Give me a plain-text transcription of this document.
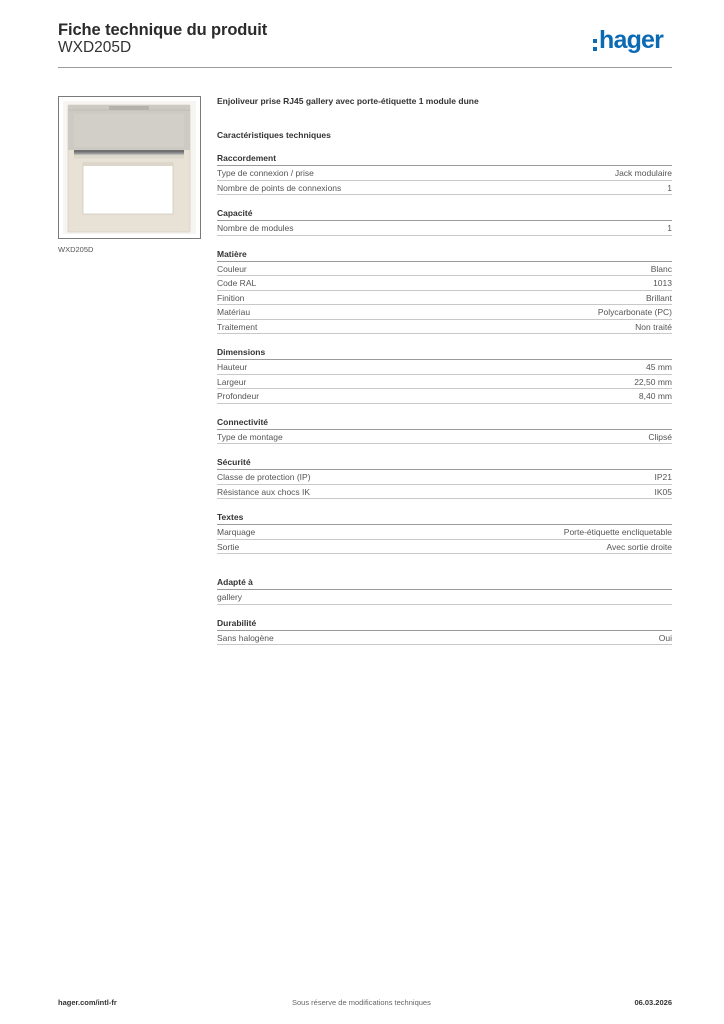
Fiche technique du produit
WXD205D	hager
WXD205D
Enjoliveur prise RJ45 gallery avec porte-étiquette 1 module dune
Caractéristiques techniques
Raccordement
Type de connexion / prise	Jack modulaire
Nombre de points de connexions	1
Capacité
Nombre de modules	1
Matière
Couleur	Blanc
Code RAL	1013
Finition	Brillant
Matériau	Polycarbonate (PC)
Traitement	Non traité
Dimensions
Hauteur	45 mm
Largeur	22,50 mm
Profondeur	8,40 mm
Connectivité
Type de montage	Clipsé
Sécurité
Classe de protection (IP)	IP21
Résistance aux chocs IK	IK05
Textes
Marquage	Porte-étiquette encliquetable
Sortie	Avec sortie droite
Adapté à
gallery
Durabilité
Sans halogène	Oui
hager.com/intl-fr	Sous réserve de modifications techniques	06.03.2026
